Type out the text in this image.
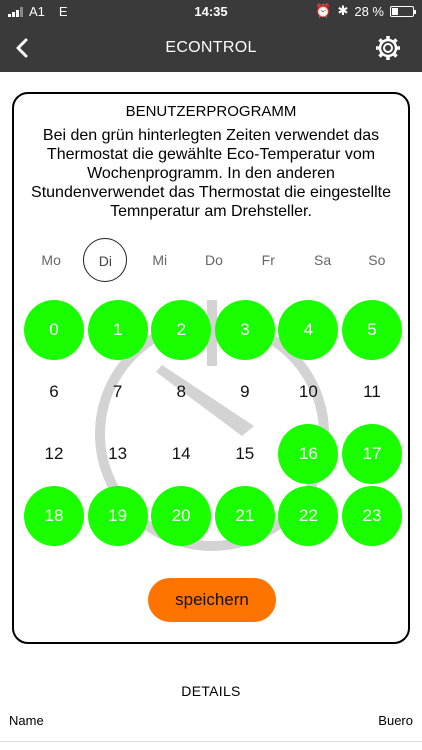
A1 E	14:35	⏰ ✱ 28 %
ECONTROL
BENUTZERPROGRAMM
Bei den grün hinterlegten Zeiten verwendet das Thermostat die gewählte Eco-Temperatur vom Wochenprogramm. In den anderen Stundenverwendet das Thermostat die eingestellte Temnperatur am Drehsteller.
Mo	Di	Mi	Do	Fr	Sa	So
0	1	2	3	4	5
6	7	8	9	10	11
12	13	14	15	16	17
18	19	20	21	22	23
speichern
DETAILS
Name	Buero
